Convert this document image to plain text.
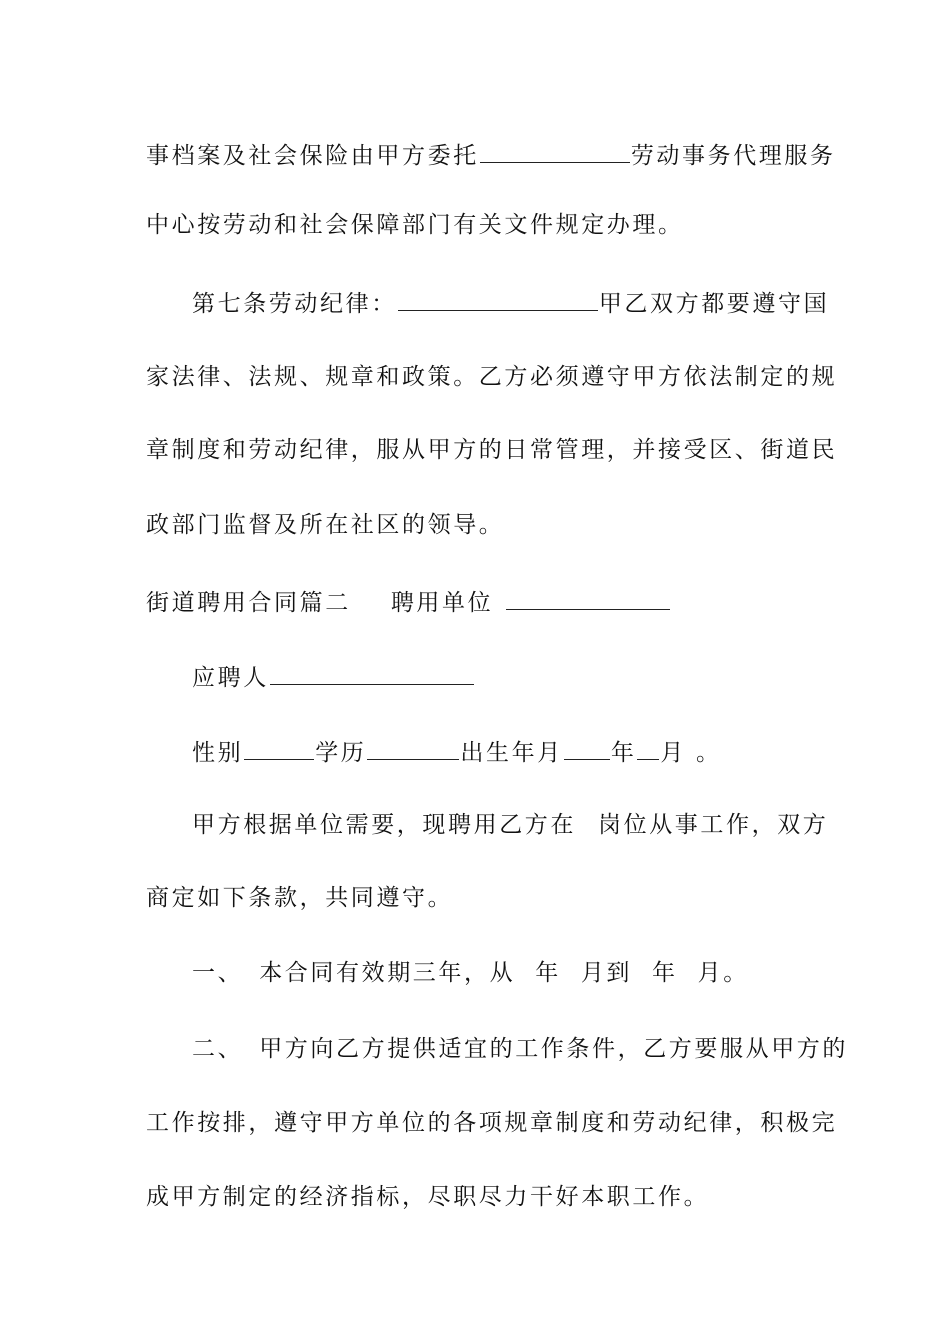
事档案及社会保险由甲方委托	劳动事务代理服务
中心按劳动和社会保障部门有关文件规定办理。
第七条劳动纪律：	甲乙双方都要遵守国
家法律、法规、规章和政策。乙方必须遵守甲方依法制定的规
章制度和劳动纪律，服从甲方的日常管理，并接受区、街道民
政部门监督及所在社区的领导。
街道聘用合同篇二 聘用单位
应聘人
性别	学历	出生年月 年 月 。
甲方根据单位需要，现聘用乙方在 岗位从事工作，双方
商定如下条款，共同遵守。
一、 本合同有效期三年，从 年 月到 年 月。
二、 甲方向乙方提供适宜的工作条件，乙方要服从甲方的
工作按排，遵守甲方单位的各项规章制度和劳动纪律，积极完
成甲方制定的经济指标，尽职尽力干好本职工作。
